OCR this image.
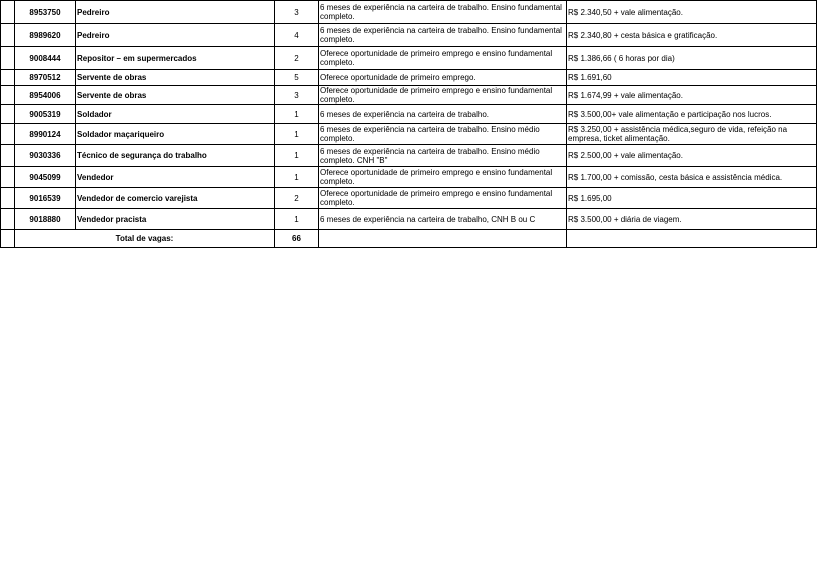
	8953750	Pedreiro	3	6 meses de experiência na carteira de trabalho. Ensino fundamental completo.	R$ 2.340,50 + vale alimentação.
	8989620	Pedreiro	4	6 meses de experiência na carteira de trabalho. Ensino fundamental completo.	R$ 2.340,80 + cesta básica e gratificação.
	9008444	Repositor – em supermercados	2	Oferece oportunidade de primeiro emprego e ensino fundamental completo.	R$ 1.386,66 ( 6 horas por dia)
	8970512	Servente de obras	5	Oferece oportunidade de primeiro emprego.	R$ 1.691,60
	8954006	Servente de obras	3	Oferece oportunidade de primeiro emprego e ensino fundamental completo.	R$ 1.674,99 + vale alimentação.
	9005319	Soldador	1	6 meses de experiência na carteira de trabalho.	R$ 3.500,00+ vale alimentação e participação nos lucros.
	8990124	Soldador maçariqueiro	1	6 meses de experiência na carteira de trabalho. Ensino médio completo.	R$ 3.250,00 + assistência médica,seguro de vida, refeição na empresa, ticket alimentação.
	9030336	Técnico de segurança do trabalho	1	6 meses de experiência na carteira de trabalho. Ensino médio completo. CNH "B"	R$ 2.500,00 + vale alimentação.
	9045099	Vendedor	1	Oferece oportunidade de primeiro emprego e ensino fundamental completo.	R$ 1.700,00 + comissão, cesta básica e assistência médica.
	9016539	Vendedor de comercio varejista	2	Oferece oportunidade de primeiro emprego e ensino fundamental completo.	R$ 1.695,00
	9018880	Vendedor pracista	1	6 meses de experiência na carteira de trabalho, CNH B ou C	R$ 3.500,00 + diária de viagem.
	Total de vagas:		66		
